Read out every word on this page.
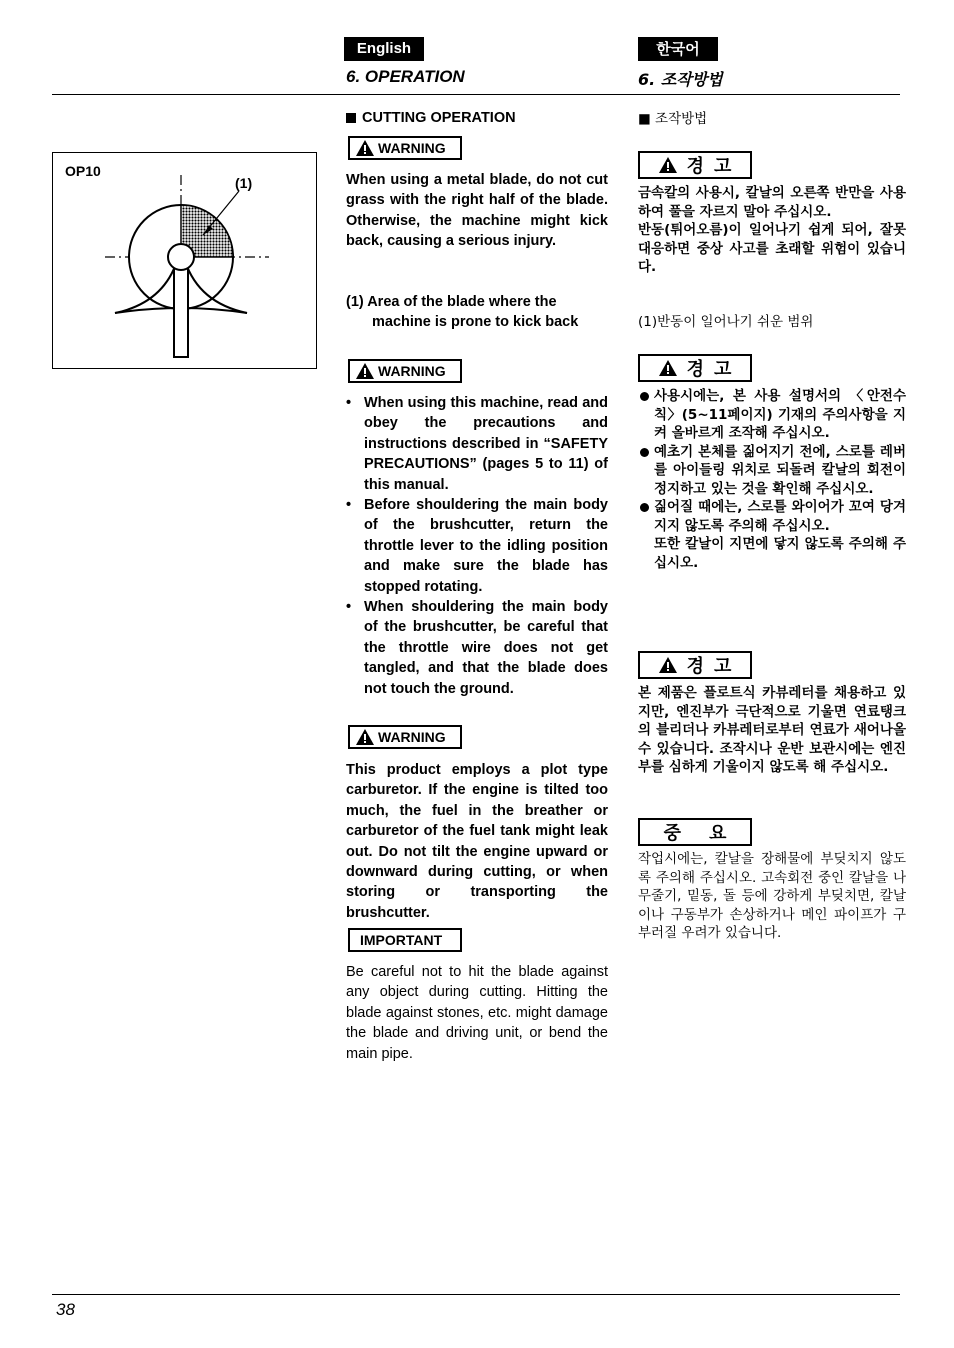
English	한국어
6. OPERATION	6. 조작방법
OP10
(1)
CUTTING OPERATION
WARNING

When using a metal blade, do not cut grass with the right half of the blade. Otherwise, the machine might kick back, causing a serious injury.

(1) Area of the blade where the
machine is prone to kick back
WARNING
• When using this machine, read and obey the precautions and instructions described in “SAFETY PRECAUTIONS” (pages 5 to 11) of this manual.
• Before shouldering the main body of the brushcutter, return the throttle lever to the idling position and make sure the blade has stopped rotating.
• When shouldering the main body of the brushcutter, be careful that the throttle wire does not get tangled, and that the blade does not touch the ground.
WARNING

This product employs a plot type carburetor. If the engine is tilted too much, the fuel in the breather or carburetor of the fuel tank might leak out. Do not tilt the engine upward or downward during cutting, or when storing or transporting the brushcutter.

IMPORTANT

Be careful not to hit the blade against any object during cutting. Hitting the blade against stones, etc. might damage the blade and driving unit, or bend the main pipe.

■ 조작방법
경 고

금속칼의 사용시, 칼날의 오른쪽 반만을 사용하여 풀을 자르지 말아 주십시오.

반동(튀어오름)이 일어나기 쉽게 되어, 잘못 대응하면 중상 사고를 초래할 위험이 있습니다.

(1)반동이 일어나기 쉬운 범위
경 고
사용시에는, 본 사용 설명서의 〈안전수칙〉(5~11페이지) 기재의 주의사항을 지켜 올바르게 조작해 주십시오.
예초기 본체를 짊어지기 전에, 스로틀 레버를 아이들링 위치로 되돌려 칼날의 회전이 정지하고 있는 것을 확인해 주십시오.
짊어질 때에는, 스로틀 와이어가 꼬여 당겨지지 않도록 주의해 주십시오.

또한 칼날이 지면에 닿지 않도록 주의해 주십시오.

경 고

본 제품은 플로트식 카뷰레터를 채용하고 있지만, 엔진부가 극단적으로 기울면 연료탱크의 블리더나 카뷰레터로부터 연료가 새어나올 수 있습니다. 조작시나 운반 보관시에는 엔진부를 심하게 기울이지 않도록 해 주십시오.

중 요

작업시에는, 칼날을 장해물에 부딪치지 않도록 주의해 주십시오. 고속회전 중인 칼날을 나무줄기, 밑동, 돌 등에 강하게 부딪치면, 칼날이나 구동부가 손상하거나 메인 파이프가 구부러질 우려가 있습니다.

38
